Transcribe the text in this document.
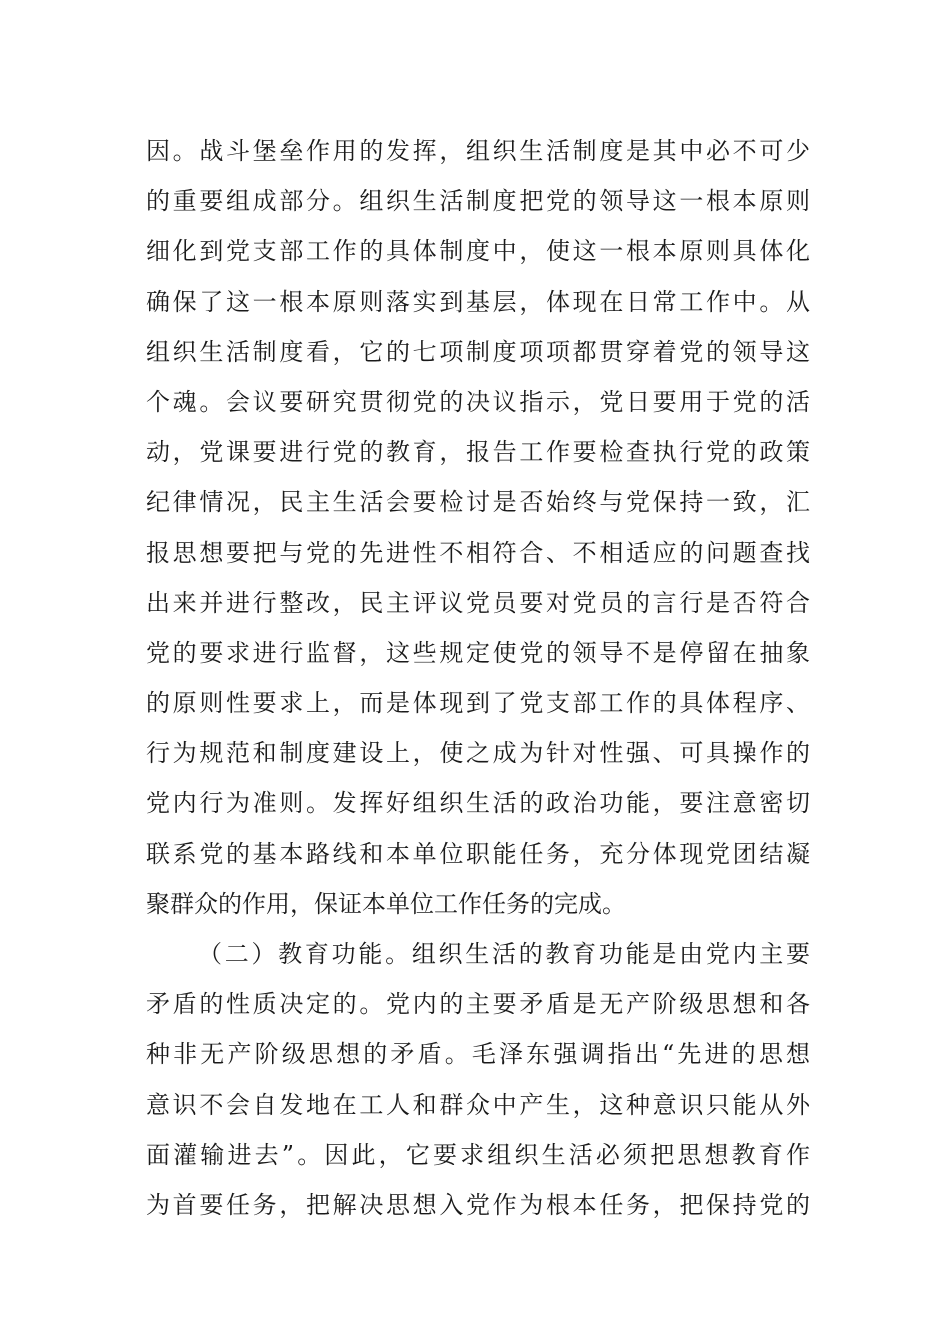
因。战斗堡垒作用的发挥，组织生活制度是其中必不可少
的重要组成部分。组织生活制度把党的领导这一根本原则
细化到党支部工作的具体制度中，使这一根本原则具体化
确保了这一根本原则落实到基层，体现在日常工作中。从
组织生活制度看，它的七项制度项项都贯穿着党的领导这
个魂。会议要研究贯彻党的决议指示，党日要用于党的活
动，党课要进行党的教育，报告工作要检查执行党的政策
纪律情况，民主生活会要检讨是否始终与党保持一致，汇
报思想要把与党的先进性不相符合、不相适应的问题查找
出来并进行整改，民主评议党员要对党员的言行是否符合
党的要求进行监督，这些规定使党的领导不是停留在抽象
的原则性要求上，而是体现到了党支部工作的具体程序、
行为规范和制度建设上，使之成为针对性强、可具操作的
党内行为准则。发挥好组织生活的政治功能，要注意密切
联系党的基本路线和本单位职能任务，充分体现党团结凝
聚群众的作用，保证本单位工作任务的完成。
（二）教育功能。组织生活的教育功能是由党内主要
矛盾的性质决定的。党内的主要矛盾是无产阶级思想和各
种非无产阶级思想的矛盾。毛泽东强调指出“先进的思想
意识不会自发地在工人和群众中产生，这种意识只能从外
面灌输进去”。因此，它要求组织生活必须把思想教育作
为首要任务，把解决思想入党作为根本任务，把保持党的
